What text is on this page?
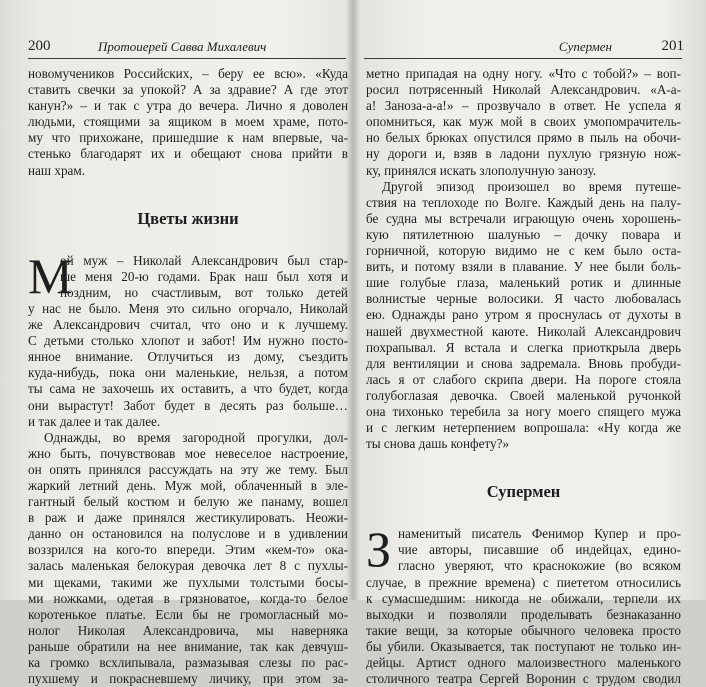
200	Протоиерей Савва Михалевич
новомучеников Российских, – беру ее всю». «Куда
ставить свечки за упокой? А за здравие? А где этот
канун?» – и так с утра до вечера. Лично я доволен
людьми, стоящими за ящиком в моем храме, пото-
му что прихожане, пришедшие к нам впервые, ча-
стенько благодарят их и обещают снова прийти в
наш храм.
Цветы жизни
М
ой муж – Николай Александрович был стар-
ше меня 20-ю годами. Брак наш был хотя и
поздним, но счастливым, вот только детей
у нас не было. Меня это сильно огорчало, Николай
же Александрович считал, что оно и к лучшему.
С детьми столько хлопот и забот! Им нужно посто-
янное внимание. Отлучиться из дому, съездить
куда-нибудь, пока они маленькие, нельзя, а потом
ты сама не захочешь их оставить, а что будет, когда
они вырастут! Забот будет в десять раз больше…
и так далее и так далее.
Однажды, во время загородной прогулки, дол-
жно быть, почувствовав мое невеселое настроение,
он опять принялся рассуждать на эту же тему. Был
жаркий летний день. Муж мой, облаченный в эле-
гантный белый костюм и белую же панаму, вошел
в раж и даже принялся жестикулировать. Неожи-
данно он остановился на полуслове и в удивлении
воззрился на кого-то впереди. Этим «кем-то» ока-
залась маленькая белокурая девочка лет 8 с пухлы-
ми щеками, такими же пухлыми толстыми босы-
ми ножками, одетая в грязноватое, когда-то белое
коротенькое платье. Если бы не громогласный мо-
нолог Николая Александровича, мы наверняка
раньше обратили на нее внимание, так как девчуш-
ка громко всхлипывала, размазывая слезы по рас-
пухшему и покрасневшему личику, при этом за-
Супермен	201
метно припадая на одну ногу. «Что с тобой?» – воп-
росил потрясенный Николай Александрович. «А-а-
а! Заноза-а-а!» – прозвучало в ответ. Не успела я
опомниться, как муж мой в своих умопомрачитель-
но белых брюках опустился прямо в пыль на обочи-
ну дороги и, взяв в ладони пухлую грязную нож-
ку, принялся искать злополучную занозу.
Другой эпизод произошел во время путеше-
ствия на теплоходе по Волге. Каждый день на палу-
бе судна мы встречали играющую очень хорошень-
кую пятилетнюю шалунью – дочку повара и
горничной, которую видимо не с кем было оста-
вить, и потому взяли в плавание. У нее были боль-
шие голубые глаза, маленький ротик и длинные
волнистые черные волосики. Я часто любовалась
ею. Однажды рано утром я проснулась от духоты в
нашей двухместной каюте. Николай Александрович
похрапывал. Я встала и слегка приоткрыла дверь
для вентиляции и снова задремала. Вновь пробуди-
лась я от слабого скрипа двери. На пороге стояла
голубоглазая девочка. Своей маленькой ручонкой
она тихонько теребила за ногу моего спящего мужа
и с легким нетерпением вопрошала: «Ну когда же
ты снова дашь конфету?»
Супермен
З наменитый писатель Фенимор Купер и про-
чие авторы, писавшие об индейцах, едино-
гласно уверяют, что краснокожие (во всяком
случае, в прежние времена) с пиететом относились
к сумасшедшим: никогда не обижали, терпели их
выходки и позволяли проделывать безнаказанно
такие вещи, за которые обычного человека просто
бы убили. Оказывается, так поступают не только ин-
дейцы. Артист одного малоизвестного маленького
столичного театра Сергей Воронин с трудом сводил
